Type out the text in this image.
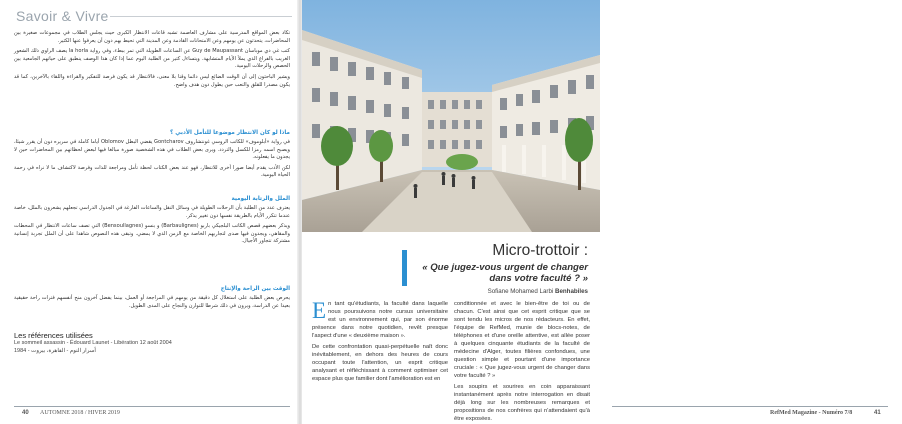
Savoir & Vivre

تكاد بعض المواقع المدرسية على مشارف العاصمة تشبه قاعات الانتظار الكبرى حيث يجلس الطلاب في مجموعات صغيرة بين المحاضرات، يتحدثون عن يومهم وعن الامتحانات القادمة وعن المدينة التي تحيط بهم دون أن يعرفوا عنها الكثير.

كتب غي دي موباسان Guy de Maupassant عن الساعات الطويلة التي تمر ببطء، وفي رواية la horla يصف الراوي ذلك الشعور الغريب بالفراغ الذي يملأ الأيام المتشابهة. ويتساءل كثير من الطلبة اليوم عما إذا كان هذا الوصف ينطبق على حياتهم الجامعية بين الحصص والرحلات اليومية.

ويشير الباحثون إلى أن الوقت الضائع ليس دائما وقتا بلا معنى، فالانتظار قد يكون فرصة للتفكير والقراءة واللقاء بالآخرين، كما قد يكون مصدرا للقلق والتعب حين يطول دون هدف واضح.

ماذا لو كان الانتظار موضوعا للتأمل الأدبي ؟

في رواية «أبلوموف» للكاتب الروسي غونتشاروف Gontcharov يقضي البطل Oblomov أياما كاملة في سريره دون أن يقرر شيئا، ويصبح اسمه رمزا للكسل والتردد. ويرى بعض الطلاب في هذه الشخصية صورة مبالغا فيها لبعض لحظاتهم بين المحاضرات حين لا يجدون ما يفعلونه.

لكن الأدب يقدم أيضا صورا أخرى للانتظار، فهو عند بعض الكتاب لحظة تأمل ومراجعة للذات وفرصة لاكتشاف ما لا نراه في زحمة الحياة اليومية.

الملل والرتابة اليومية

يعترف عدد من الطلبة بأن الرحلات الطويلة في وسائل النقل والساعات الفارغة في الجدول الدراسي تجعلهم يشعرون بالملل، خاصة عندما تتكرر الأيام بالطريقة نفسها دون تغيير يذكر.

ويذكر بعضهم قصص الكاتب البلجيكي باربو (Barbaulignes) و بنسو (Bensoullagnes) التي تصف ساعات الانتظار في المحطات والمقاهي، ويجدون فيها صدى لتجاربهم الخاصة مع الزمن الذي لا يمضي. وتبقى هذه النصوص شاهدا على أن الملل تجربة إنسانية مشتركة تتجاوز الأجيال.

الوقت بين الراحة والإنتاج

يحرص بعض الطلبة على استغلال كل دقيقة من يومهم في المراجعة أو العمل، بينما يفضل آخرون منح أنفسهم فترات راحة حقيقية بعيدا عن الدراسة، ويرون في ذلك شرطا للتوازن والنجاح على المدى الطويل.

Les références utilisées
Le sommeil assassin - Édouard Launet - Libération 12 août 2004
أسرار النوم - القاهرة، بيروت - 1984
40 AUTOMNE 2018 / HIVER 2019
Micro-trottoir :
« Que jugez-vous urgent de changer dans votre faculté ? »
Sofiane Mohamed Larbi Benhabiles
E n tant qu'étudiants, la faculté dans laquelle nous poursuivons notre cursus universitaire est un environnement qui, par son énorme présence dans notre quotidien, revêt presque l'aspect d'une « deuxième maison ».

De cette confrontation quasi-perpétuelle naît donc inévitablement, en dehors des heures de cours occupant toute l'attention, un esprit critique analysant et réfléchissant à comment optimiser cet espace plus que familier dont l'amélioration est en

conditionnée et avec le bien-être de toi ou de chacun. C'est ainsi que cet esprit critique que se sont tendu les micros de nos rédacteurs. En effet, l'équipe de RefMed, munie de blocs-notes, de téléphones et d'une oreille attentive, est allée poser à quelques cinquante étudiants de la faculté de médecine d'Alger, toutes filières confondues, une question simple et pourtant d'une importance cruciale : « Que jugez-vous urgent de changer dans votre faculté ? »

Les soupirs et sourires en coin apparaissant instantanément après notre interrogation en disait déjà long sur les nombreuses remarques et propositions de nos confrères qui n'attendaient qu'à être exposées.

RefMed Magazine - Numéro 7/8	41
